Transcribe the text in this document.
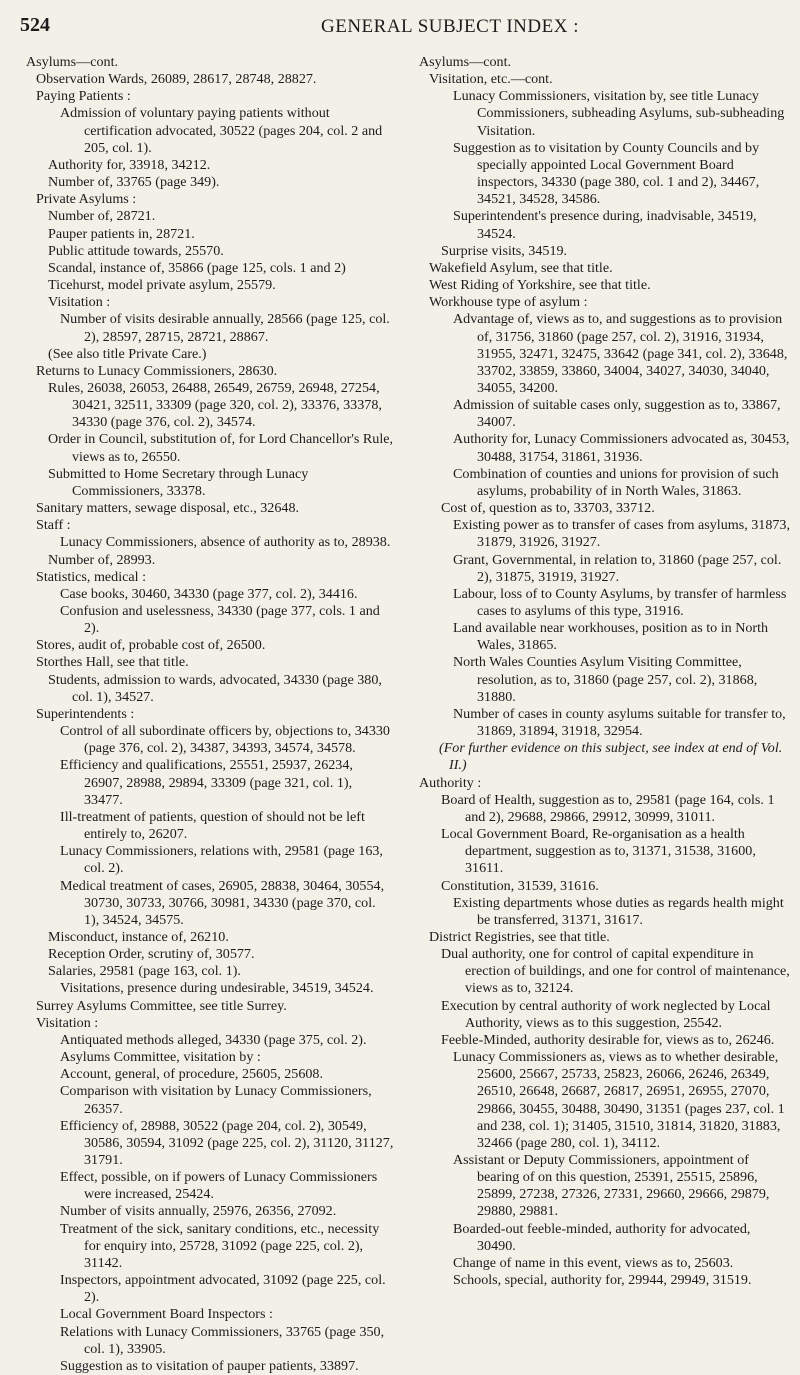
524	GENERAL SUBJECT INDEX :

Asylums—cont.

Observation Wards, 26089, 28617, 28748, 28827.

Paying Patients :

Admission of voluntary paying patients without certification advocated, 30522 (pages 204, col. 2 and 205, col. 1).

Authority for, 33918, 34212.

Number of, 33765 (page 349).

Private Asylums :

Number of, 28721.

Pauper patients in, 28721.

Public attitude towards, 25570.

Scandal, instance of, 35866 (page 125, cols. 1 and 2)

Ticehurst, model private asylum, 25579.

Visitation :

Number of visits desirable annually, 28566 (page 125, col. 2), 28597, 28715, 28721, 28867.

(See also title Private Care.)

Returns to Lunacy Commissioners, 28630.

Rules, 26038, 26053, 26488, 26549, 26759, 26948, 27254, 30421, 32511, 33309 (page 320, col. 2), 33376, 33378, 34330 (page 376, col. 2), 34574.

Order in Council, substitution of, for Lord Chancellor's Rule, views as to, 26550.

Submitted to Home Secretary through Lunacy Commissioners, 33378.

Sanitary matters, sewage disposal, etc., 32648.

Staff :

Lunacy Commissioners, absence of authority as to, 28938.

Number of, 28993.

Statistics, medical :

Case books, 30460, 34330 (page 377, col. 2), 34416.

Confusion and uselessness, 34330 (page 377, cols. 1 and 2).

Stores, audit of, probable cost of, 26500.

Storthes Hall, see that title.

Students, admission to wards, advocated, 34330 (page 380, col. 1), 34527.

Superintendents :

Control of all subordinate officers by, objections to, 34330 (page 376, col. 2), 34387, 34393, 34574, 34578.

Efficiency and qualifications, 25551, 25937, 26234, 26907, 28988, 29894, 33309 (page 321, col. 1), 33477.

Ill-treatment of patients, question of should not be left entirely to, 26207.

Lunacy Commissioners, relations with, 29581 (page 163, col. 2).

Medical treatment of cases, 26905, 28838, 30464, 30554, 30730, 30733, 30766, 30981, 34330 (page 370, col. 1), 34524, 34575.

Misconduct, instance of, 26210.

Reception Order, scrutiny of, 30577.

Salaries, 29581 (page 163, col. 1).

Visitations, presence during undesirable, 34519, 34524.

Surrey Asylums Committee, see title Surrey.

Visitation :

Antiquated methods alleged, 34330 (page 375, col. 2).

Asylums Committee, visitation by :

Account, general, of procedure, 25605, 25608.

Comparison with visitation by Lunacy Commissioners, 26357.

Efficiency of, 28988, 30522 (page 204, col. 2), 30549, 30586, 30594, 31092 (page 225, col. 2), 31120, 31127, 31791.

Effect, possible, on if powers of Lunacy Commissioners were increased, 25424.

Number of visits annually, 25976, 26356, 27092.

Treatment of the sick, sanitary conditions, etc., necessity for enquiry into, 25728, 31092 (page 225, col. 2), 31142.

Inspectors, appointment advocated, 31092 (page 225, col. 2).

Local Government Board Inspectors :

Relations with Lunacy Commissioners, 33765 (page 350, col. 1), 33905.

Suggestion as to visitation of pauper patients, 33897.

Asylums—cont.

Visitation, etc.—cont.

Lunacy Commissioners, visitation by, see title Lunacy Commissioners, subheading Asylums, sub-subheading Visitation.

Suggestion as to visitation by County Councils and by specially appointed Local Government Board inspectors, 34330 (page 380, col. 1 and 2), 34467, 34521, 34528, 34586.

Superintendent's presence during, inadvisable, 34519, 34524.

Surprise visits, 34519.

Wakefield Asylum, see that title.

West Riding of Yorkshire, see that title.

Workhouse type of asylum :

Advantage of, views as to, and suggestions as to provision of, 31756, 31860 (page 257, col. 2), 31916, 31934, 31955, 32471, 32475, 33642 (page 341, col. 2), 33648, 33702, 33859, 33860, 34004, 34027, 34030, 34040, 34055, 34200.

Admission of suitable cases only, suggestion as to, 33867, 34007.

Authority for, Lunacy Commissioners advocated as, 30453, 30488, 31754, 31861, 31936.

Combination of counties and unions for provision of such asylums, probability of in North Wales, 31863.

Cost of, question as to, 33703, 33712.

Existing power as to transfer of cases from asylums, 31873, 31879, 31926, 31927.

Grant, Governmental, in relation to, 31860 (page 257, col. 2), 31875, 31919, 31927.

Labour, loss of to County Asylums, by transfer of harmless cases to asylums of this type, 31916.

Land available near workhouses, position as to in North Wales, 31865.

North Wales Counties Asylum Visiting Committee, resolution, as to, 31860 (page 257, col. 2), 31868, 31880.

Number of cases in county asylums suitable for transfer to, 31869, 31894, 31918, 32954.

(For further evidence on this subject, see index at end of Vol. II.)

Authority :

Board of Health, suggestion as to, 29581 (page 164, cols. 1 and 2), 29688, 29866, 29912, 30999, 31011.

Local Government Board, Re-organisation as a health department, suggestion as to, 31371, 31538, 31600, 31611.

Constitution, 31539, 31616.

Existing departments whose duties as regards health might be transferred, 31371, 31617.

District Registries, see that title.

Dual authority, one for control of capital expenditure in erection of buildings, and one for control of maintenance, views as to, 32124.

Execution by central authority of work neglected by Local Authority, views as to this suggestion, 25542.

Feeble-Minded, authority desirable for, views as to, 26246.

Lunacy Commissioners as, views as to whether desirable, 25600, 25667, 25733, 25823, 26066, 26246, 26349, 26510, 26648, 26687, 26817, 26951, 26955, 27070, 29866, 30455, 30488, 30490, 31351 (pages 237, col. 1 and 238, col. 1); 31405, 31510, 31814, 31820, 31883, 32466 (page 280, col. 1), 34112.

Assistant or Deputy Commissioners, appointment of bearing of on this question, 25391, 25515, 25896, 25899, 27238, 27326, 27331, 29660, 29666, 29879, 29880, 29881.

Boarded-out feeble-minded, authority for advocated, 30490.

Change of name in this event, views as to, 25603.

Schools, special, authority for, 29944, 29949, 31519.
